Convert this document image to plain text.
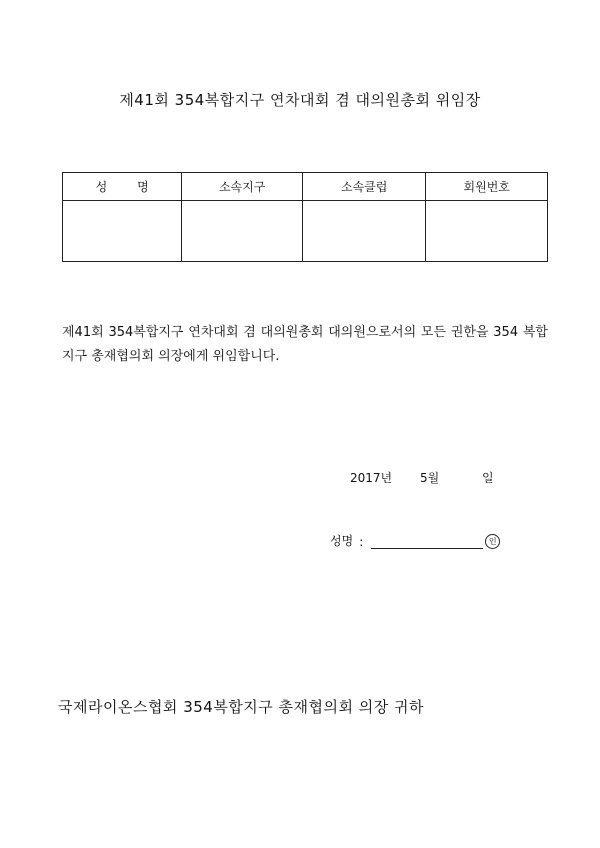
제41회 354복합지구 연차대회 겸 대의원총회 위임장
성명	소속지구	소속클럽	회원번호

제41회 354복합지구 연차대회 겸 대의원총회 대의원으로서의 모든 권한을 354 복합지구 총재협의회 의장에게 위임합니다.
2017년 5월	일
성명 :	인
국제라이온스협회 354복합지구 총재협의회 의장 귀하
